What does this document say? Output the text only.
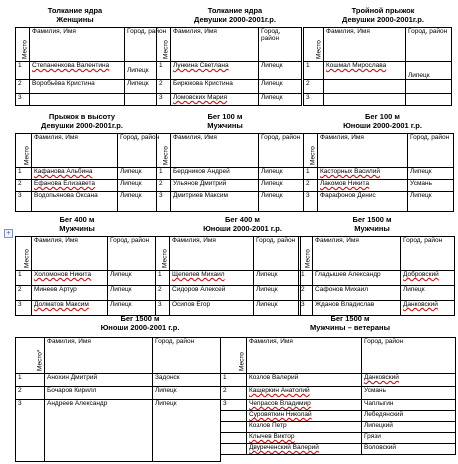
Толкание ядра
Женщины
Толкание ядра
Девушки 2000-2001г.р.
Тройной прыжок
Девушки 2000-2001г.р.
Место	Фамилия, Имя	Город, район
1	Степаненкова Валентина	Липецк
2	Воробьёва Кристина	Липецк
3		
Место	Фамилия, Имя	Город, район
1	Лункина Светлана	Липецк
2	Бирюкова Кристина	Липецк
3	Ломовских Мария	Липецк
Место	Фамилия, Имя	Город, район
1	Кошмал Мирослава	Липецк
2		
3		
Прыжок в высоту
Девушки 2000-2001г.р.
Бег 100 м
Мужчины
Бег 100 м
Юноши 2000-2001 г.р.
Место	Фамилия, Имя	Город, район
1	Кафанова Альбина	Липецк
2	Ефанова Елизавета	Липецк
3	Водопьянова Оксана	Липецк
Место	Фамилия, Имя	Город, район
1	Бердников Андрей	Липецк
2	Ульянов Дмитрий	Липецк
3	Дмитриев Максим	Липецк
Место	Фамилия, Имя	Город, район
1	Касторных Василий	Липецк
2	Лакомов Никита	Усмань
3	Фарафонов Денис	Липецк
+
Бег 400 м
Мужчины
Бег 400 м
Юноши 2000-2001 г.р.
Бег 1500 м
Мужчины
Место	Фамилия, Имя	Город, район
1	Холомонов Никита	Липецк
2	Минеев Артур	Липецк
3	Долматов Максим	Липецк
Место	Фамилия, Имя	Город, район
1	Щепелев Михаил	Липецк
2	Сидоров Алексей	Липецк
3	Осипов Егор	Липецк
Место	Фамилия, Имя	Город, район
1	Гладышев Александр	Добровский
2	Сафонов Михаил	Липецк
3	Жданов Владислав	Данковский
Бег 1500 м
Юноши 2000-2001 г.р.
Бег 1500 м
Мужчины – ветераны
Место*	Фамилия, Имя	Город, район
1	Анохин Дмитрий	Задонск
2	Бочаров Кирилл	Липецк
3	Андреев Александр	Липецк
Место	Фамилия, Имя	Город, район
1	Козлов Валерий	Данковский
2	Кащеркин Анатолий	Усмань
3	Чепрасов Владимир	Чаплыгин
	Суровяткин Николай	Лебедянский
	Козлов Петр	Липецкий
	Клычев Виктор	Грязи
	Двуреченский Валерий	Воловский
